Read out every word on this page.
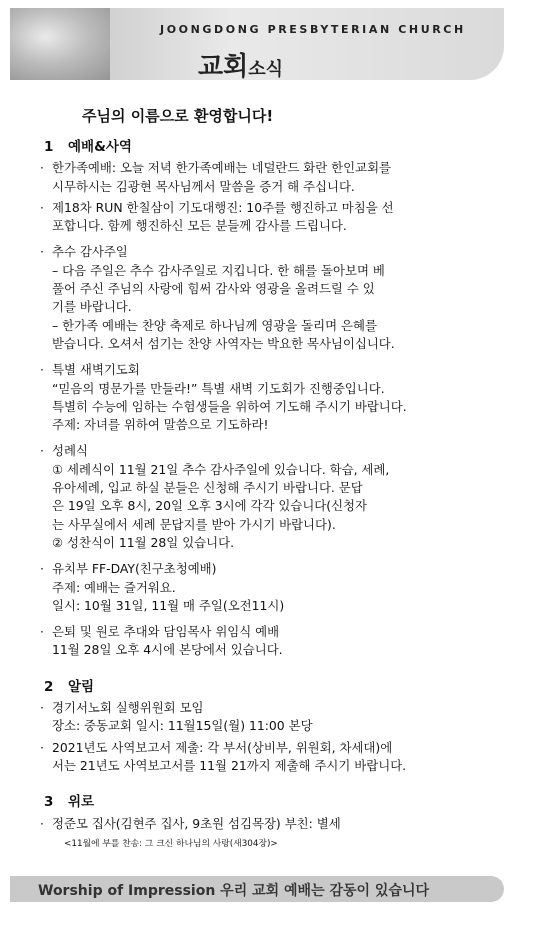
JOONGDONG PRESBYTERIAN CHURCH
교회소식
주님의 이름으로 환영합니다!
1 예배&사역
· 한가족예배: 오늘 저녁 한가족예배는 네덜란드 화란 한인교회를
시무하시는 김광현 목사님께서 말씀을 증거 해 주십니다.
· 제18차 RUN 한칠삼이 기도대행진: 10주를 행진하고 마침을 선
포합니다. 함께 행진하신 모든 분들께 감사를 드립니다.
· 추수 감사주일
– 다음 주일은 추수 감사주일로 지킵니다. 한 해를 돌아보며 베
풀어 주신 주님의 사랑에 힘써 감사와 영광을 올려드릴 수 있
기를 바랍니다.
– 한가족 예배는 찬양 축제로 하나님께 영광을 돌리며 은혜를
받습니다. 오셔서 섬기는 찬양 사역자는 박요한 목사님이십니다.
· 특별 새벽기도회
“믿음의 명문가를 만들라!” 특별 새벽 기도회가 진행중입니다.
특별히 수능에 임하는 수험생들을 위하여 기도해 주시기 바랍니다.
주제: 자녀를 위하여 말씀으로 기도하라!
· 성례식
① 세례식이 11월 21일 추수 감사주일에 있습니다. 학습, 세례,
유아세례, 입교 하실 분들은 신청해 주시기 바랍니다. 문답
은 19일 오후 8시, 20일 오후 3시에 각각 있습니다(신청자
는 사무실에서 세례 문답지를 받아 가시기 바랍니다).
② 성찬식이 11월 28일 있습니다.
· 유치부 FF-DAY(친구초청예배)
주제: 예배는 즐거워요.
일시: 10월 31일, 11월 매 주일(오전11시)
· 은퇴 및 원로 추대와 담임목사 위임식 예배
11월 28일 오후 4시에 본당에서 있습니다.
2 알림
· 경기서노회 실행위원회 모임
장소: 중동교회 일시: 11월15일(월) 11:00 본당
· 2021년도 사역보고서 제출: 각 부서(상비부, 위원회, 차세대)에
서는 21년도 사역보고서를 11월 21까지 제출해 주시기 바랍니다.
3 위로
· 정준모 집사(김현주 집사, 9초원 섬김목장) 부친: 별세
<11월에 부를 찬송: 그 크신 하나님의 사랑(새304장)>
Worship of Impression 우리 교회 예배는 감동이 있습니다
